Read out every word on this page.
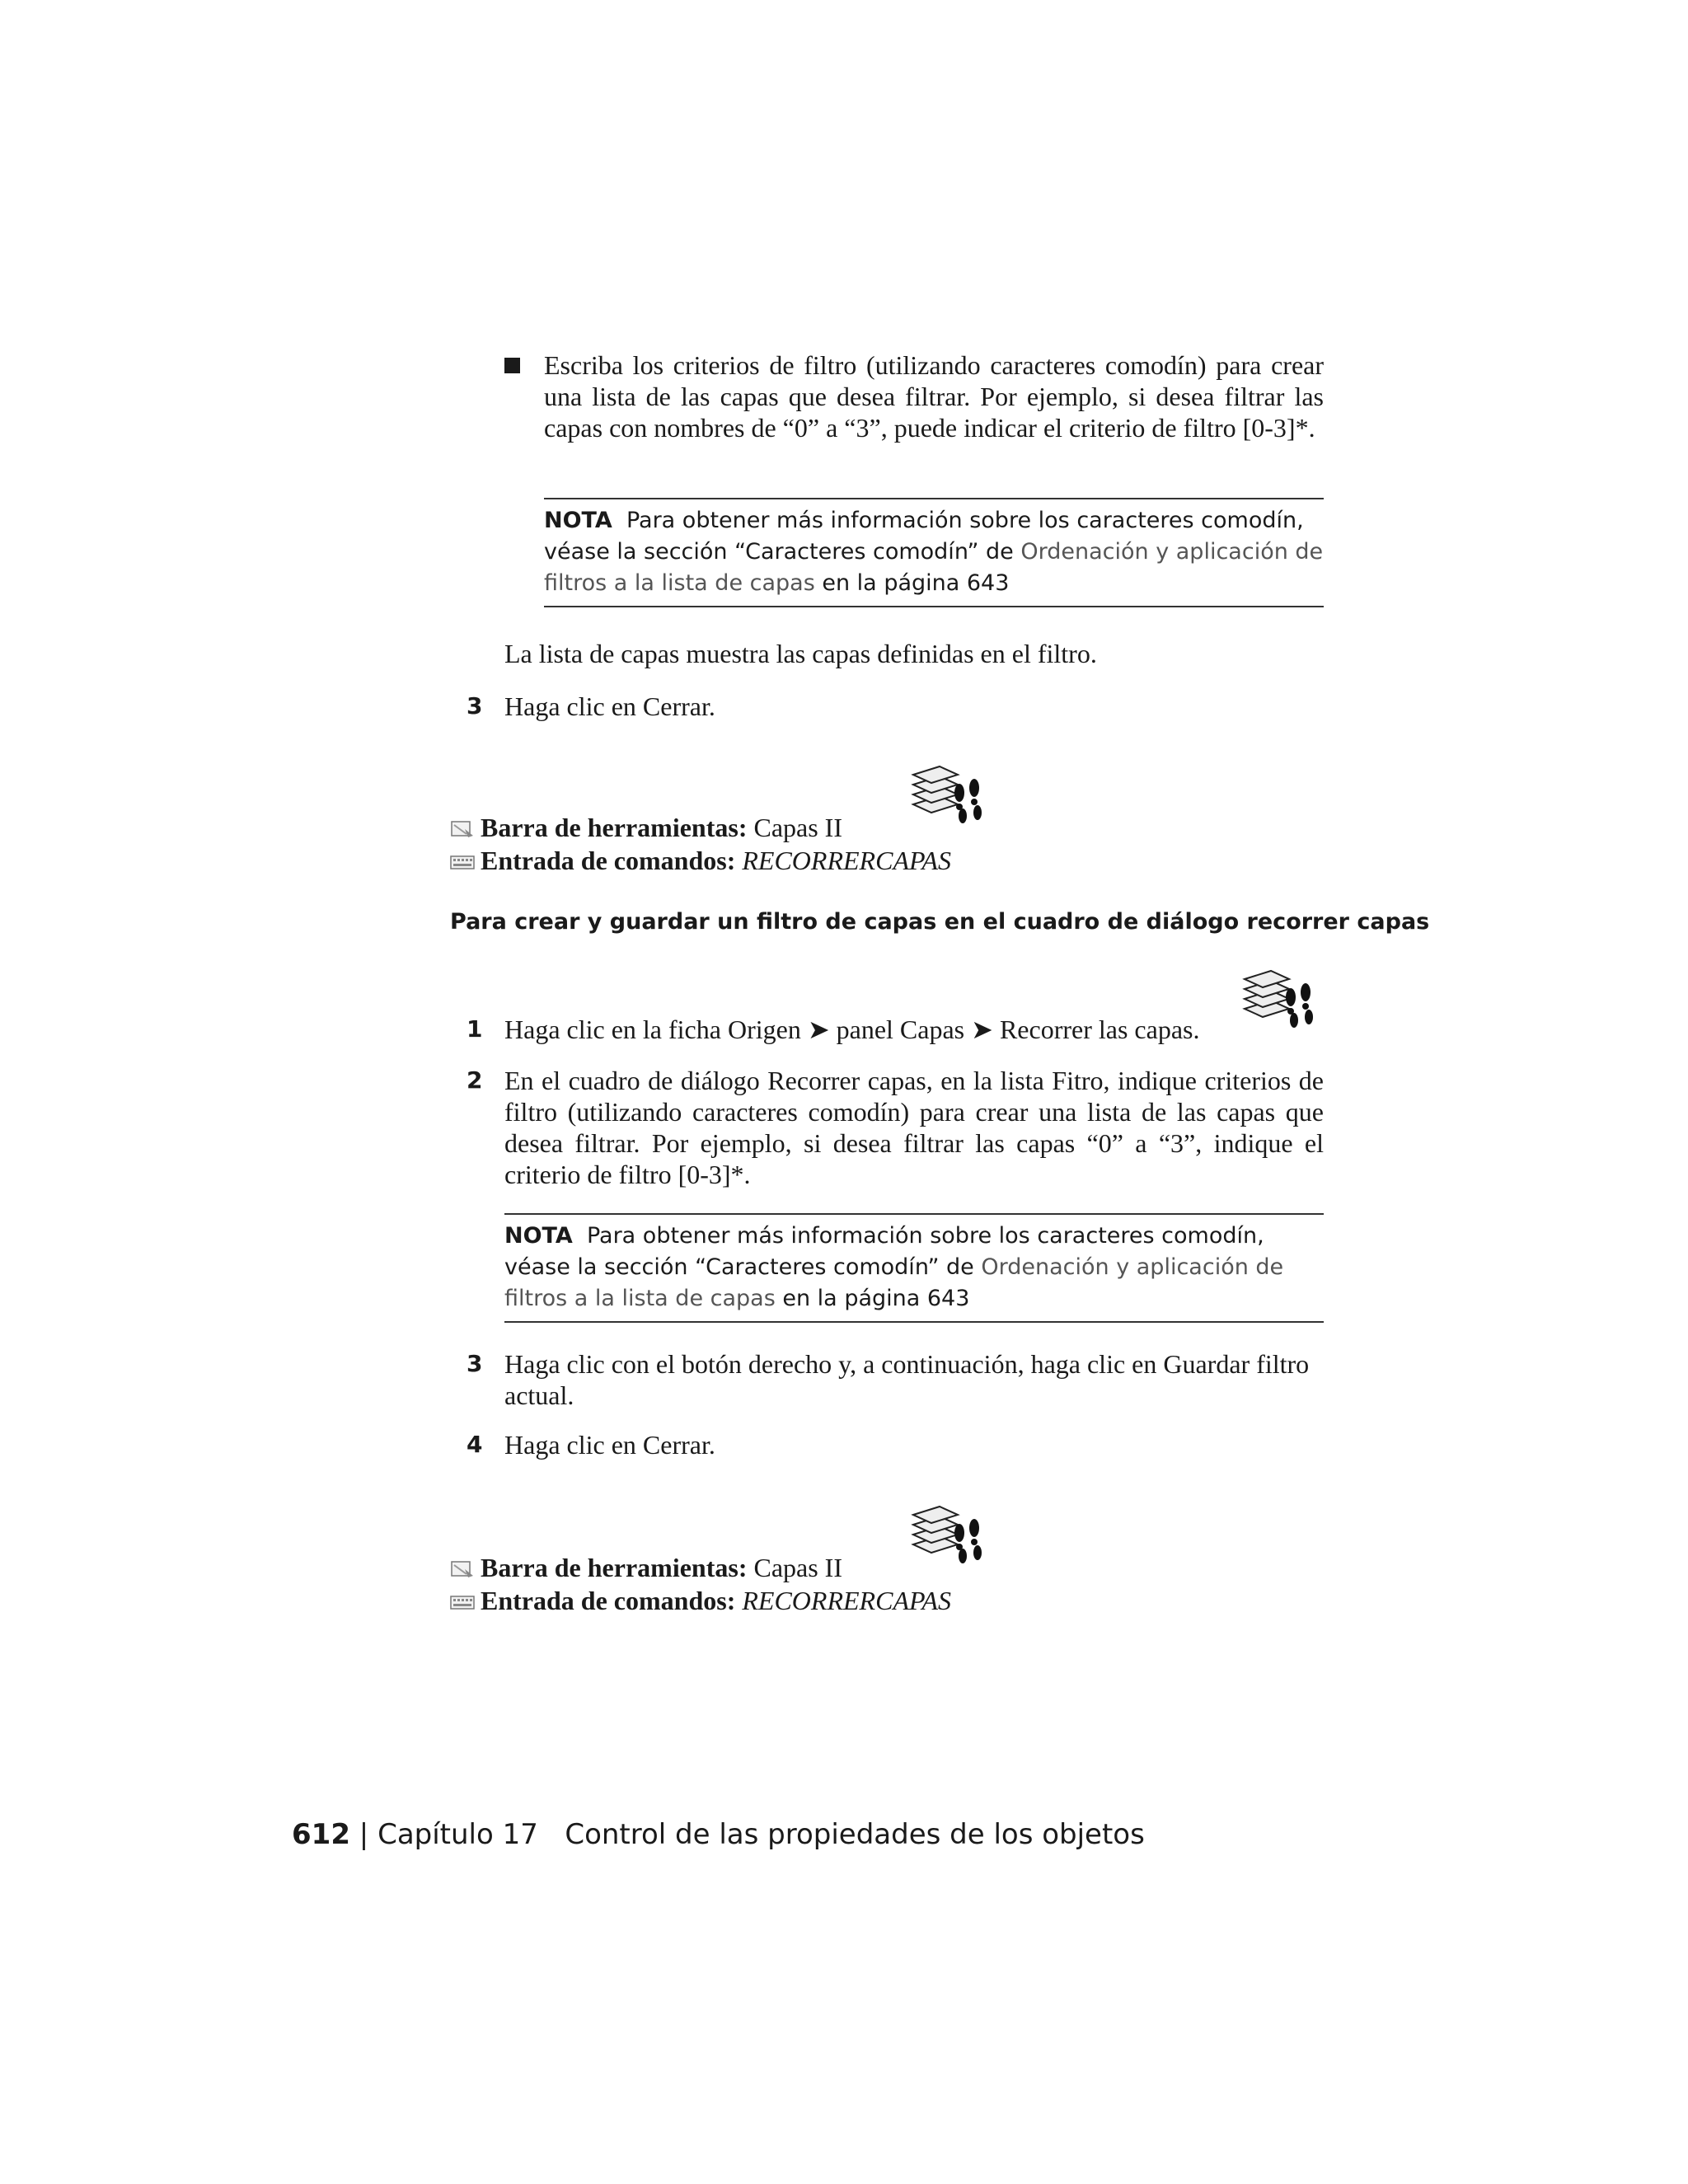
Escriba los criterios de filtro (utilizando caracteres comodín) para crear una lista de las capas que desea filtrar. Por ejemplo, si desea filtrar las capas con nombres de “0” a “3”, puede indicar el criterio de filtro [0-3]*.

NOTA Para obtener más información sobre los caracteres comodín, véase la sección “Caracteres comodín” de Ordenación y aplicación de filtros a la lista de capas en la página 643

La lista de capas muestra las capas definidas en el filtro.

3 Haga clic en Cerrar.

Barra de herramientas: Capas II
Entrada de comandos: RECORRERCAPAS
Para crear y guardar un filtro de capas en el cuadro de diálogo recorrer capas
1 Haga clic en la ficha Origen ➤ panel Capas ➤ Recorrer las capas.

2 En el cuadro de diálogo Recorrer capas, en la lista Fitro, indique criterios de filtro (utilizando caracteres comodín) para crear una lista de las capas que desea filtrar. Por ejemplo, si desea filtrar las capas “0” a “3”, indique el criterio de filtro [0-3]*.

NOTA Para obtener más información sobre los caracteres comodín, véase la sección “Caracteres comodín” de Ordenación y aplicación de filtros a la lista de capas en la página 643
3 Haga clic con el botón derecho y, a continuación, haga clic en Guardar filtro actual.

4 Haga clic en Cerrar.

Barra de herramientas: Capas II
Entrada de comandos: RECORRERCAPAS
612 | Capítulo 17 Control de las propiedades de los objetos
